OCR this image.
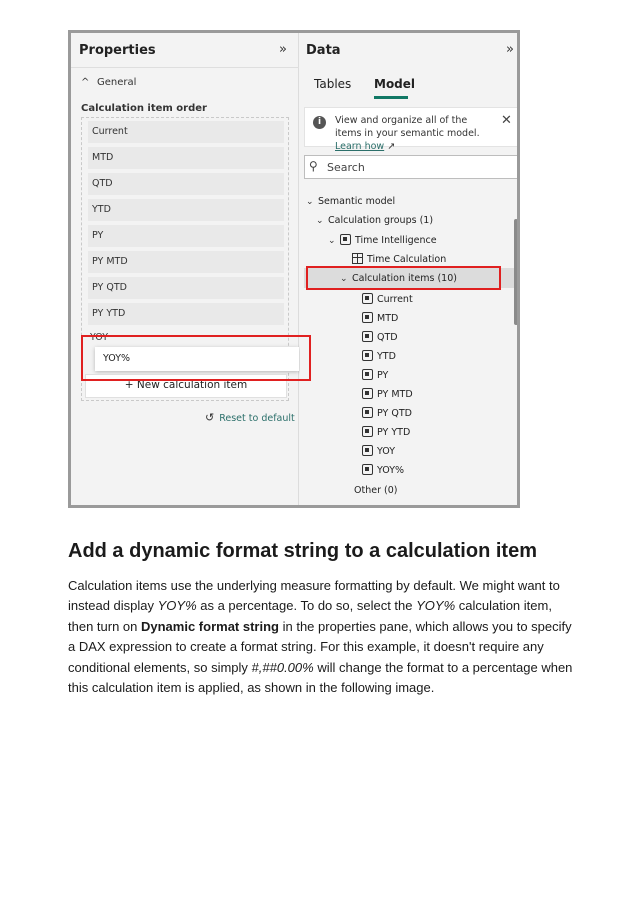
Properties	»
^ General
Calculation item order
Current
MTD
QTD
YTD
PY
PY MTD
PY QTD
PY YTD
YOY
YOY%
+ New calculation item
↺ Reset to default
Data	»
Tables Model
i	View and organize all of the items in your semantic model. Learn how ↗
✕
⚲ Search
⌄ Semantic model
⌄ Calculation groups (1)
⌄ Time Intelligence
Time Calculation
⌄ Calculation items (10)
Current
MTD
QTD
YTD
PY
PY MTD
PY QTD
PY YTD
YOY
YOY%
Other (0)
Add a dynamic format string to a calculation item

Calculation items use the underlying measure formatting by default. We might want to instead display YOY% as a percentage. To do so, select the YOY% calculation item, then turn on Dynamic format string in the properties pane, which allows you to specify a DAX expression to create a format string. For this example, it doesn't require any conditional elements, so simply #,##0.00% will change the format to a percentage when this calculation item is applied, as shown in the following image.
